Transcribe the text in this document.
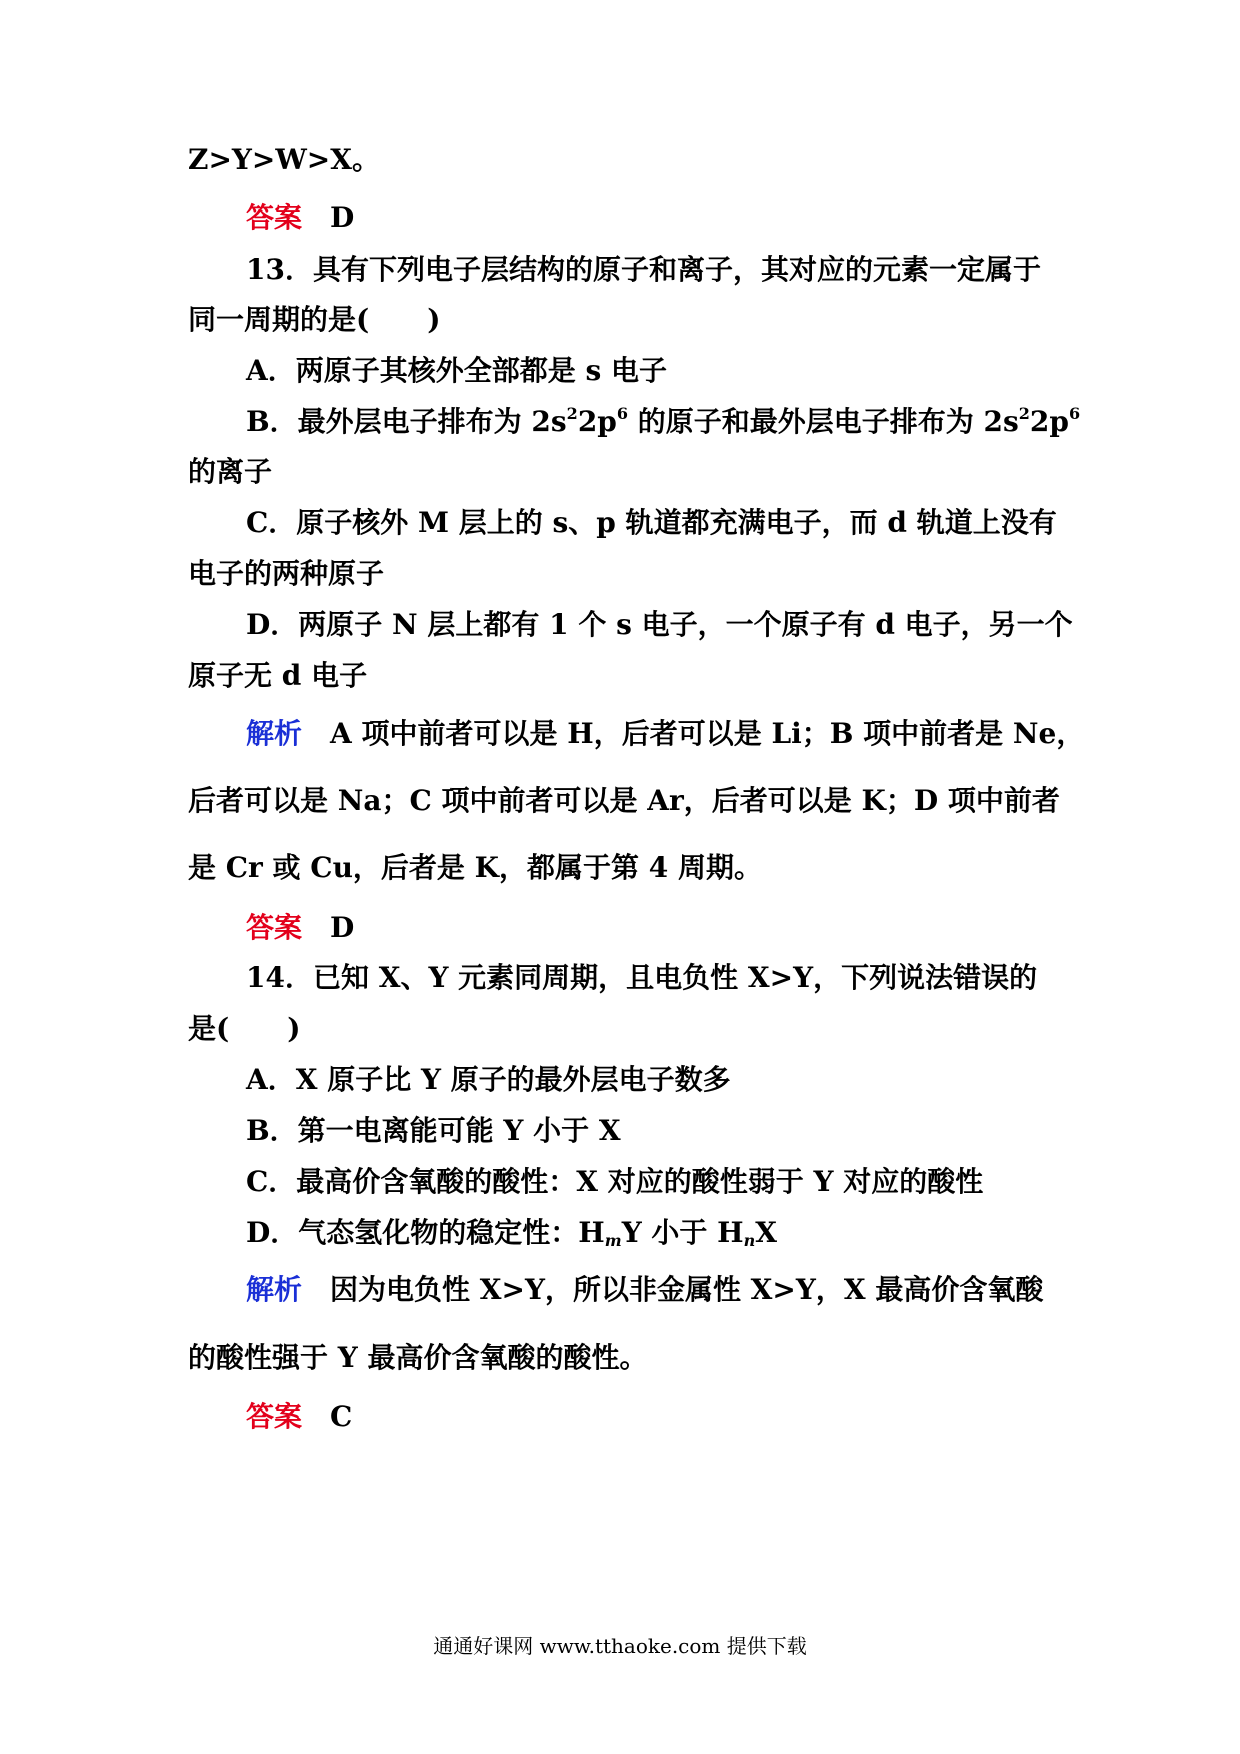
Z>Y>W>X。
答案 D
13．具有下列电子层结构的原子和离子，其对应的元素一定属于
同一周期的是( )
A．两原子其核外全部都是 s 电子
B．最外层电子排布为 $2s^22p^6$ 的原子和最外层电子排布为 $2s^22p^6$
的离子
C．原子核外 M 层上的 s、p 轨道都充满电子，而 d 轨道上没有
电子的两种原子
D．两原子 N 层上都有 1 个 s 电子，一个原子有 d 电子，另一个
原子无 d 电子
解析 A 项中前者可以是 H，后者可以是 Li；B 项中前者是 Ne，
后者可以是 Na；C 项中前者可以是 Ar，后者可以是 K；D 项中前者
是 Cr 或 Cu，后者是 K，都属于第 4 周期。
答案 D
14．已知 X、Y 元素同周期，且电负性 X>Y，下列说法错误的
是( )
A．X 原子比 Y 原子的最外层电子数多
B．第一电离能可能 Y 小于 X
C．最高价含氧酸的酸性：X 对应的酸性弱于 Y 对应的酸性
D．气态氢化物的稳定性：$H_mY$ 小于 $H_nX$
解析 因为电负性 X>Y，所以非金属性 X>Y，X 最高价含氧酸
的酸性强于 Y 最高价含氧酸的酸性。
答案 C
通通好课网 www.tthaoke.com 提供下载
